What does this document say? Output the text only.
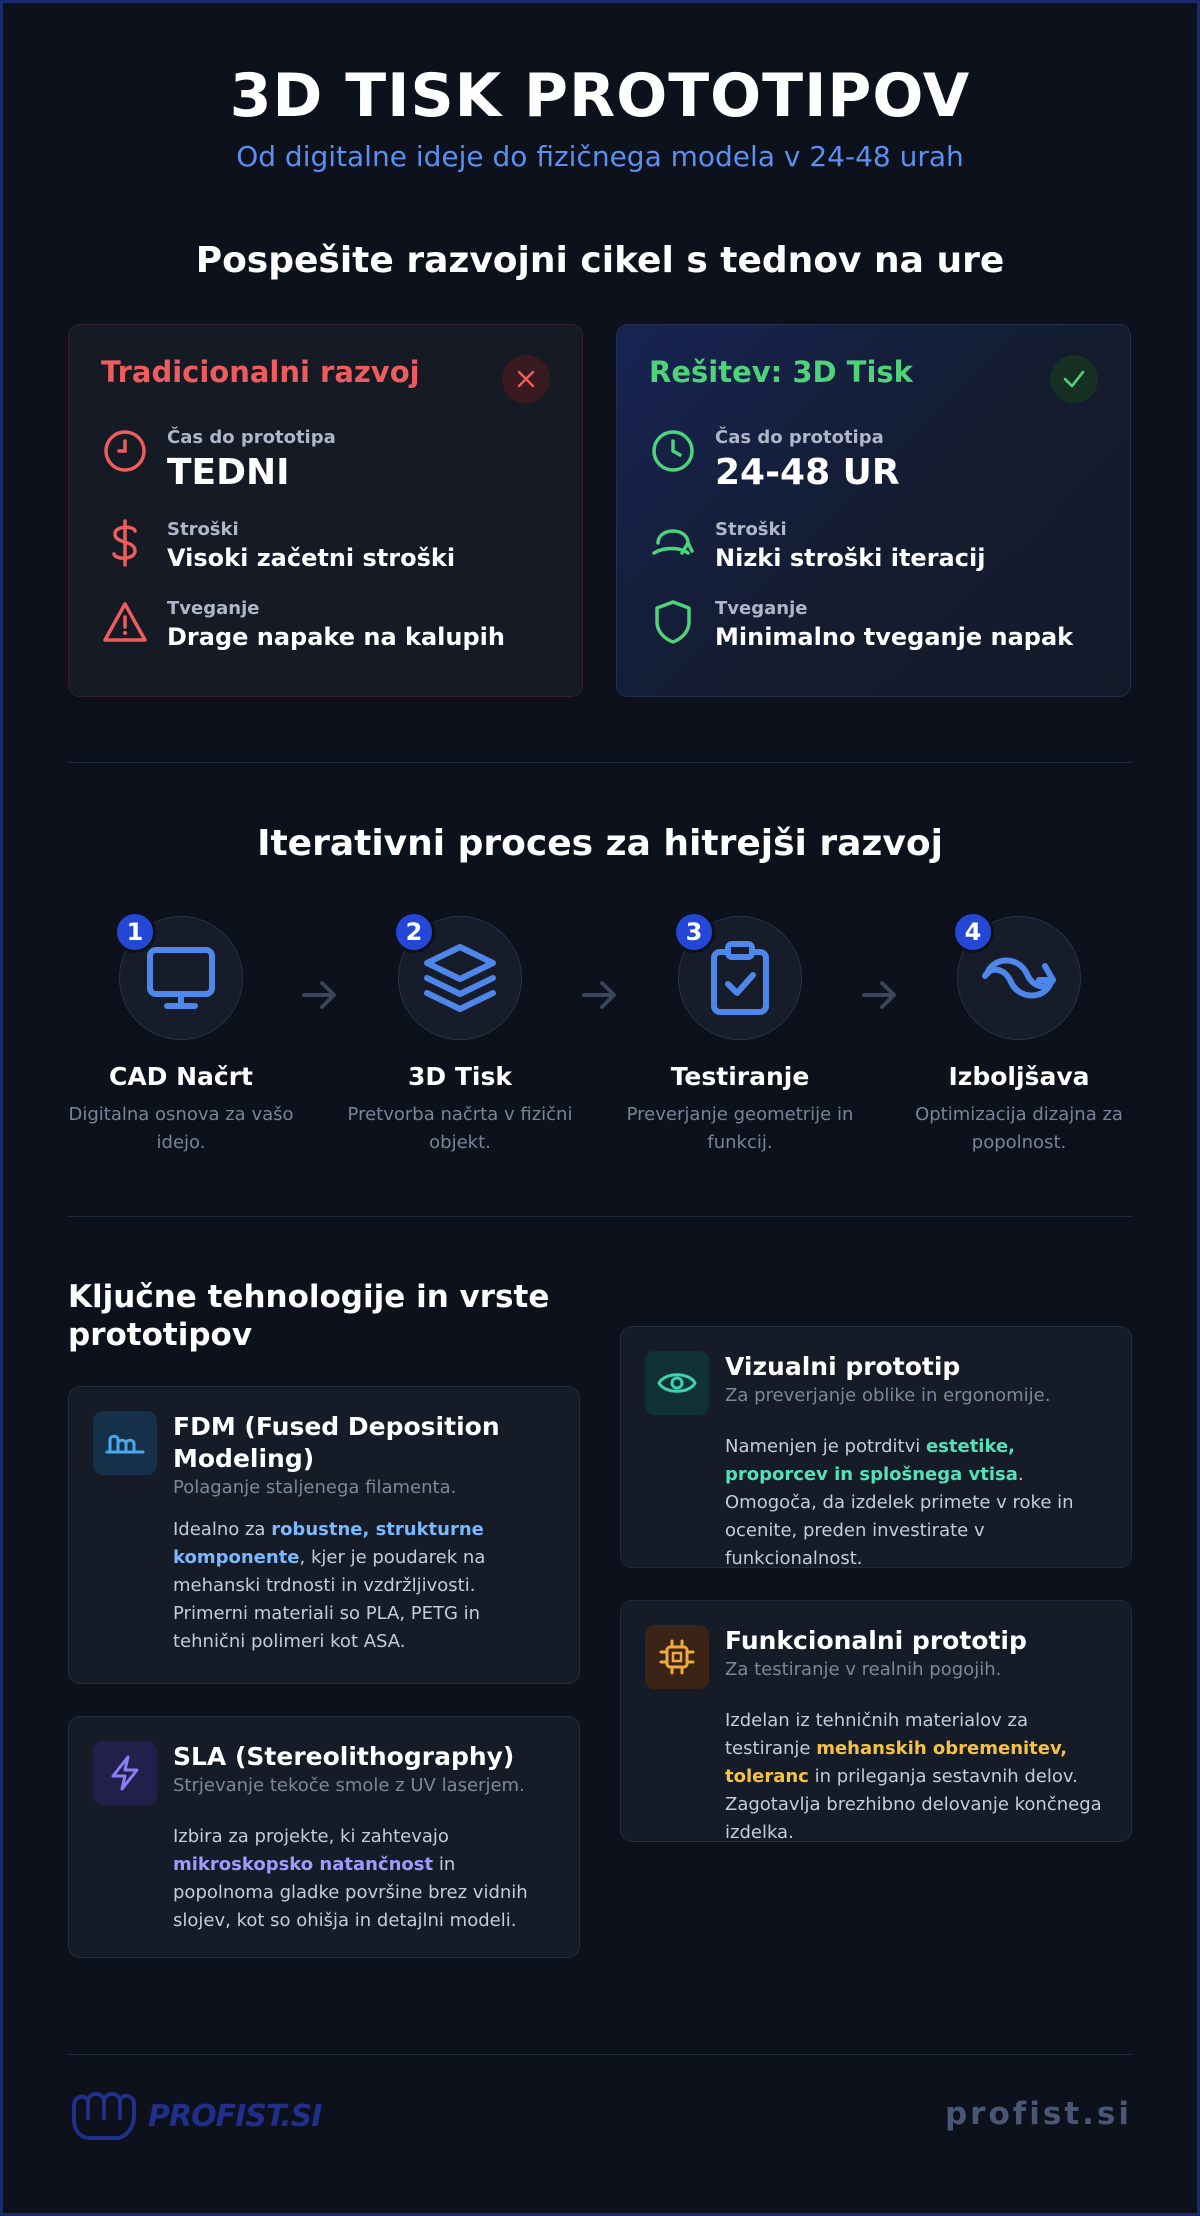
3D TISK PROTOTIPOV
Od digitalne ideje do fizičnega modela v 24-48 urah
Pospešite razvojni cikel s tednov na ure
Tradicionalni razvoj
Čas do prototipa
TEDNI
Stroški
Visoki začetni stroški
Tveganje
Drage napake na kalupih
Rešitev: 3D Tisk
Čas do prototipa
24-48 UR
Stroški
Nizki stroški iteracij
Tveganje
Minimalno tveganje napak
Iterativni proces za hitrejši razvoj
1
CAD Načrt
Digitalna osnova za vašo idejo.
2
3D Tisk
Pretvorba načrta v fizični objekt.
3
Testiranje
Preverjanje geometrije in funkcij.
4
Izboljšava
Optimizacija dizajna za popolnost.
Ključne tehnologije in vrste prototipov
FDM (Fused Deposition Modeling)
Polaganje staljenega filamenta.
Idealno za robustne, strukturne komponente, kjer je poudarek na mehanski trdnosti in vzdržljivosti. Primerni materiali so PLA, PETG in tehnični polimeri kot ASA.
SLA (Stereolithography)
Strjevanje tekoče smole z UV laserjem.
Izbira za projekte, ki zahtevajo mikroskopsko natančnost in popolnoma gladke površine brez vidnih slojev, kot so ohišja in detajlni modeli.
Vizualni prototip
Za preverjanje oblike in ergonomije.
Namenjen je potrditvi estetike, proporcev in splošnega vtisa. Omogoča, da izdelek primete v roke in ocenite, preden investirate v funkcionalnost.
Funkcionalni prototip
Za testiranje v realnih pogojih.
Izdelan iz tehničnih materialov za testiranje mehanskih obremenitev, toleranc in prileganja sestavnih delov. Zagotavlja brezhibno delovanje končnega izdelka.
PROFIST.SI	profist.si
